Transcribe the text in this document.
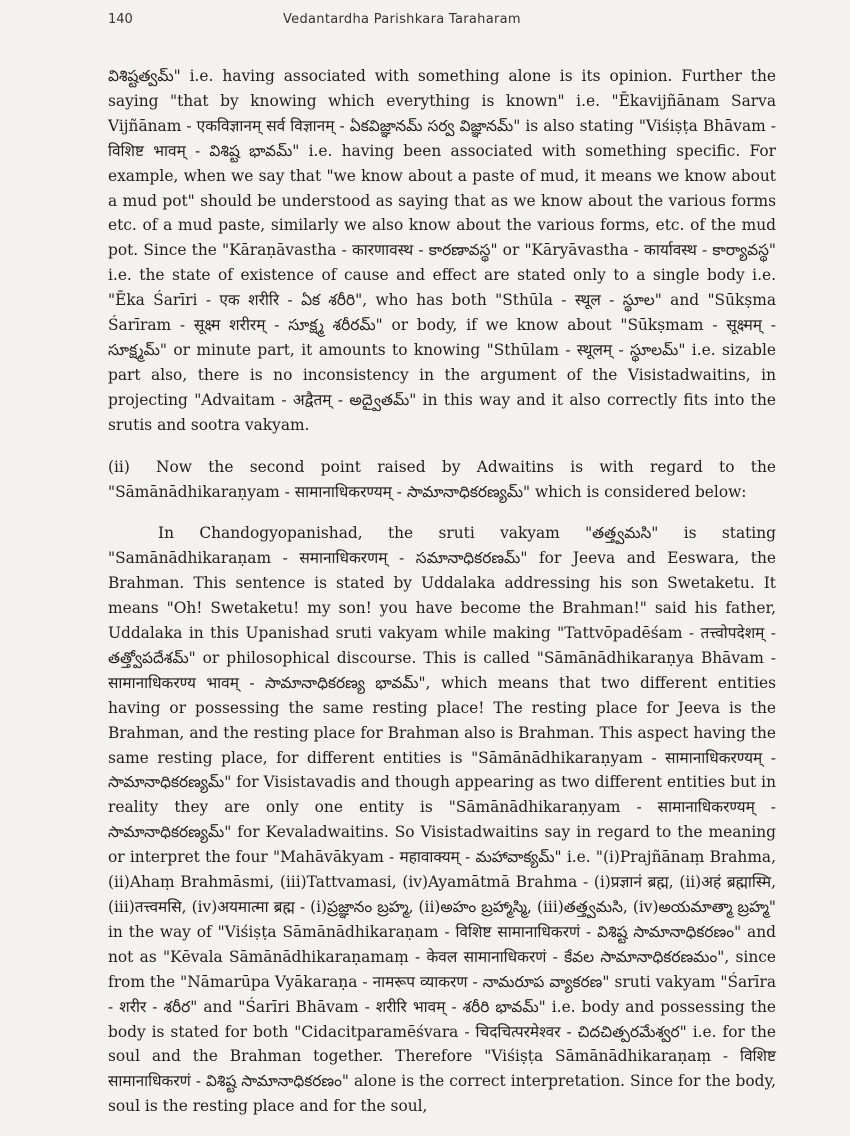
140	Vedantardha Parishkara Taraharam

విశిష్టత్వమ్" i.e. having associated with something alone is its opinion. Further the saying "that by knowing which everything is known" i.e. "Ēkavijñānam Sarva Vijñānam - एकविज्ञानम् सर्व विज्ञानम् - ఏకవిజ్ఞానమ్ సర్వ విజ్ఞానమ్" is also stating "Viśiṣṭa Bhāvam - विशिष्ट भावम् - విశిష్ట భావమ్" i.e. having been associated with something specific. For example, when we say that "we know about a paste of mud, it means we know about a mud pot" should be understood as saying that as we know about the various forms etc. of a mud paste, similarly we also know about the various forms, etc. of the mud pot. Since the "Kāraṇāvastha - कारणावस्थ - కారణావస్థ" or "Kāryāvastha - कार्यावस्थ - కార్యావస్థ" i.e. the state of existence of cause and effect are stated only to a single body i.e. "Ēka Śarīri - एक शरीरि - ఏక శరీరి", who has both "Sthūla - स्थूल - స్థూల" and "Sūkṣma Śarīram - सूक्ष्म शरीरम् - సూక్ష్మ శరీరమ్" or body, if we know about "Sūkṣmam - सूक्ष्मम् - సూక్ష్మమ్" or minute part, it amounts to knowing "Sthūlam - स्थूलम् - స్థూలమ్" i.e. sizable part also, there is no inconsistency in the argument of the Visistadwaitins, in projecting "Advaitam - अद्वैतम् - అద్వైతమ్" in this way and it also correctly fits into the srutis and sootra vakyam.

(ii) Now the second point raised by Adwaitins is with regard to the "Sāmānādhikaraṇyam - सामानाधिकरण्यम् - సామానాధికరణ్యమ్" which is considered below:

In Chandogyopanishad, the sruti vakyam "తత్త్వమసి" is stating "Samānādhikaraṇam - समानाधिकरणम् - సమానాధికరణమ్" for Jeeva and Eeswara, the Brahman. This sentence is stated by Uddalaka addressing his son Swetaketu. It means "Oh! Swetaketu! my son! you have become the Brahman!" said his father, Uddalaka in this Upanishad sruti vakyam while making "Tattvōpadēśam - तत्त्वोपदेशम् - తత్త్వోపదేశమ్" or philosophical discourse. This is called "Sāmānādhikaraṇya Bhāvam - सामानाधिकरण्य भावम् - సామానాధికరణ్య భావమ్", which means that two different entities having or possessing the same resting place! The resting place for Jeeva is the Brahman, and the resting place for Brahman also is Brahman. This aspect having the same resting place, for different entities is "Sāmānādhikaraṇyam - सामानाधिकरण्यम् - సామానాధికరణ్యమ్" for Visistavadis and though appearing as two different entities but in reality they are only one entity is "Sāmānādhikaraṇyam - सामानाधिकरण्यम् - సామానాధికరణ్యమ్" for Kevaladwaitins. So Visistadwaitins say in regard to the meaning or interpret the four "Mahāvākyam - महावाक्यम् - మహావాక్యమ్" i.e. "(i)Prajñānaṃ Brahma, (ii)Ahaṃ Brahmāsmi, (iii)Tattvamasi, (iv)Ayamātmā Brahma - (i)प्रज्ञानं ब्रह्म, (ii)अहं ब्रह्मास्मि, (iii)तत्त्वमसि, (iv)अयमात्मा ब्रह्म - (i)ప్రజ్ఞానం బ్రహ్మ, (ii)అహం బ్రహ్మాస్మి, (iii)తత్త్వమసి, (iv)అయమాత్మా బ్రహ్మ" in the way of "Viśiṣṭa Sāmānādhikaraṇam - विशिष्ट सामानाधिकरणं - విశిష్ట సామానాధికరణం" and not as "Kēvala Sāmānādhikaraṇamaṃ - केवल सामानाधिकरणं - కేవల సామానాధికరణమం", since from the "Nāmarūpa Vyākaraṇa - नामरूप व्याकरण - నామరూప వ్యాకరణ" sruti vakyam "Śarīra - शरीर - శరీర" and "Śarīri Bhāvam - शरीरि भावम् - శరీరి భావమ్" i.e. body and possessing the body is stated for both "Cidacitparamēśvara - चिदचित्परमेश्वर - చిదచిత్పరమేశ్వర" i.e. for the soul and the Brahman together. Therefore "Viśiṣṭa Sāmānādhikaraṇaṃ - विशिष्ट सामानाधिकरणं - విశిష్ట సామానాధికరణం" alone is the correct interpretation. Since for the body, soul is the resting place and for the soul,
